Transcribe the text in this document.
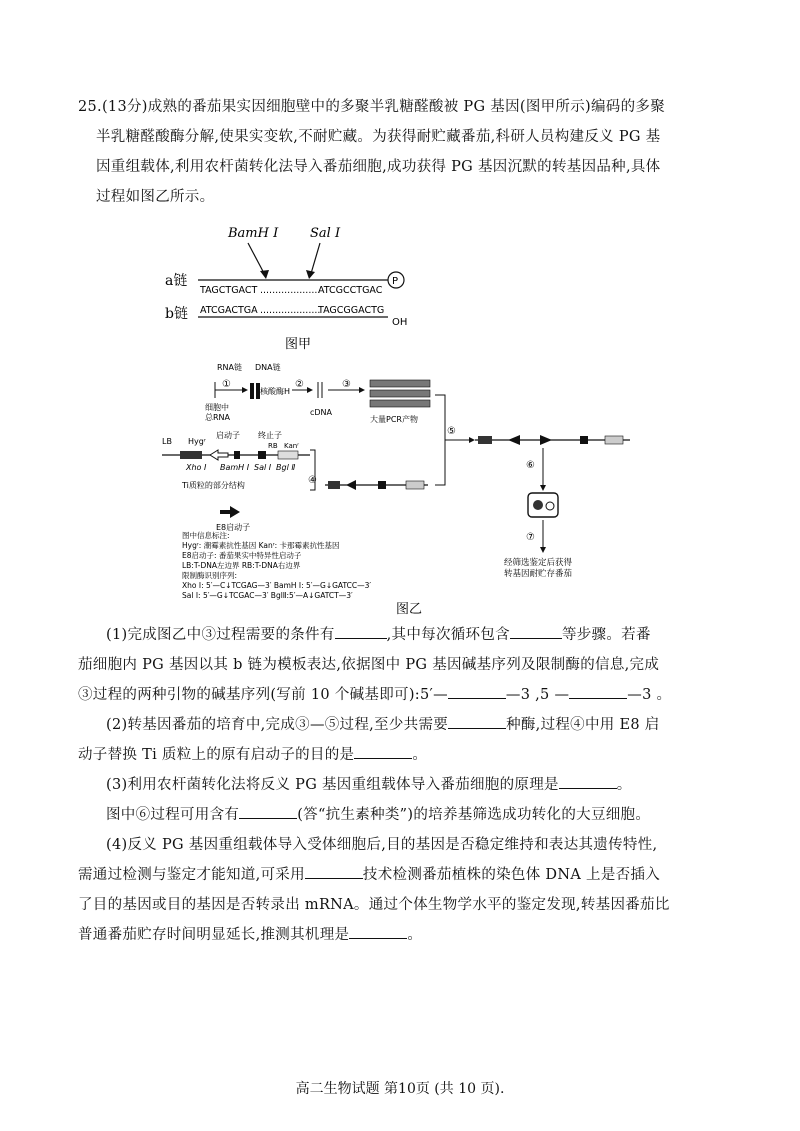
25.(13分)成熟的番茄果实因细胞壁中的多聚半乳糖醛酸被 PG 基因(图甲所示)编码的多聚
半乳糖醛酸酶分解,使果实变软,不耐贮藏。为获得耐贮藏番茄,科研人员构建反义 PG 基
因重组载体,利用农杆菌转化法导入番茄细胞,成功获得 PG 基因沉默的转基因品种,具体
过程如图乙所示。
BamH Ⅰ Sal Ⅰ
a链
TAGCTGACT ....................
ATCGCCTGAC
P
b链 ATCGACTGA ....................
TAGCGGACTG
OH
图甲
RNA链 DNA链
①
核酸酶H
②	③
细胞中
总RNA
cDNA
大量PCR产物
启动子 终止子
LB Hygʳ	RB Kanʳ
Xho Ⅰ BamH Ⅰ Sal Ⅰ Bgl Ⅱ
Ti质粒的部分结构	④
E8启动子
⑤
⑥
⑦
经筛选鉴定后获得
转基因耐贮存番茄
图中信息标注:
Hygʳ: 潮霉素抗性基因 Kanʳ: 卡那霉素抗性基因
E8启动子: 番茄果实中特异性启动子
LB:T-DNA左边界 RB:T-DNA右边界
限制酶识别序列:
Xho Ⅰ: 5′—C↓TCGAG—3′ BamH Ⅰ: 5′—G↓GATCC—3′
Sal Ⅰ: 5′—G↓TCGAC—3′ BglⅡ:5′—A↓GATCT—3′
图乙
(1)完成图乙中③过程需要的条件有	,其中每次循环包含	等步骤。若番
茄细胞内 PG 基因以其 b 链为模板表达,依据图中 PG 基因碱基序列及限制酶的信息,完成
③过程的两种引物的碱基序列(写前 10 个碱基即可):5′—	—3 ,5 —	—3 。
(2)转基因番茄的培育中,完成③—⑤过程,至少共需要	种酶,过程④中用 E8 启
动子替换 Ti 质粒上的原有启动子的目的是	。
(3)利用农杆菌转化法将反义 PG 基因重组载体导入番茄细胞的原理是	。
图中⑥过程可用含有	(答“抗生素种类”)的培养基筛选成功转化的大豆细胞。
(4)反义 PG 基因重组载体导入受体细胞后,目的基因是否稳定维持和表达其遗传特性,
需通过检测与鉴定才能知道,可采用	技术检测番茄植株的染色体 DNA 上是否插入
了目的基因或目的基因是否转录出 mRNA。通过个体生物学水平的鉴定发现,转基因番茄比
普通番茄贮存时间明显延长,推测其机理是	。
高二生物试题 第10页 (共 10 页).
